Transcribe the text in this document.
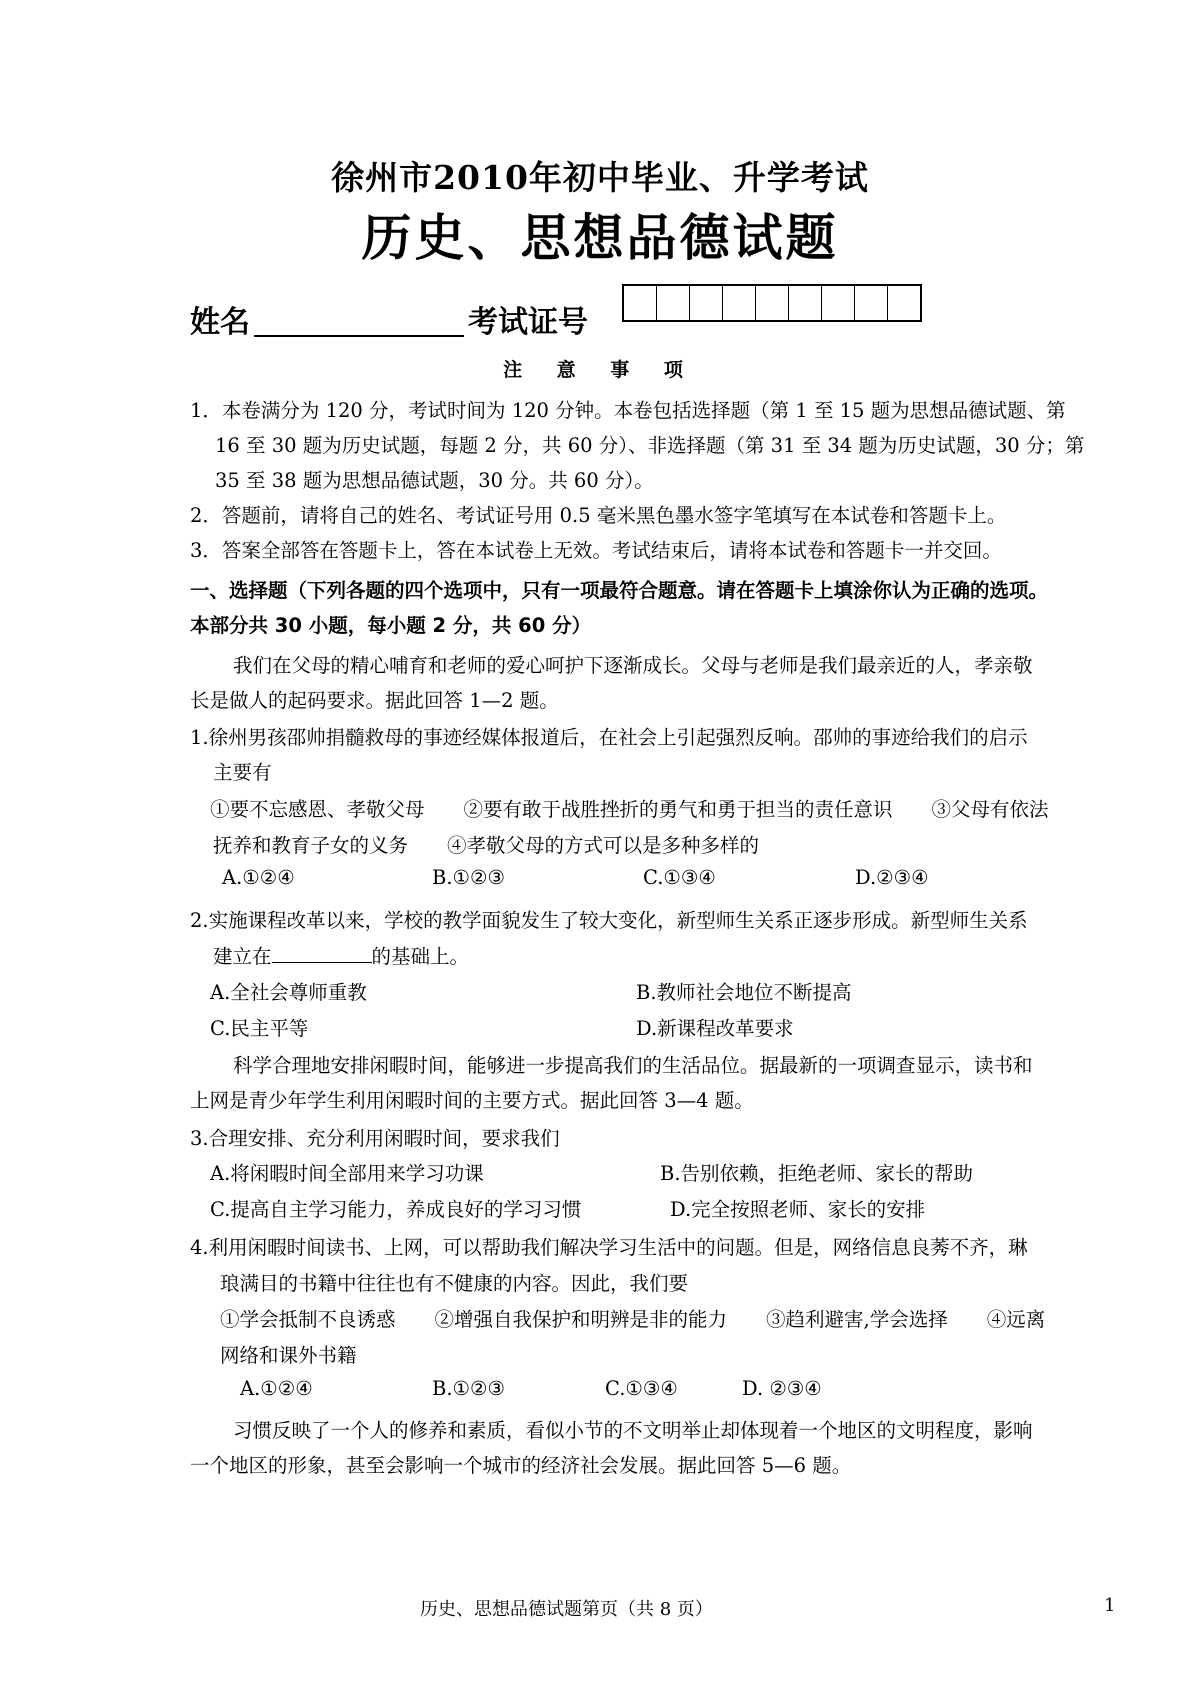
徐州市2010年初中毕业、升学考试
历史、思想品德试题
姓名	考试证号
注 意 事 项
1．本卷满分为 120 分，考试时间为 120 分钟。本卷包括选择题（第 1 至 15 题为思想品德试题、第
16 至 30 题为历史试题，每题 2 分，共 60 分）、非选择题（第 31 至 34 题为历史试题，30 分；第
35 至 38 题为思想品德试题，30 分。共 60 分）。
2．答题前，请将自己的姓名、考试证号用 0.5 毫米黑色墨水签字笔填写在本试卷和答题卡上。
3．答案全部答在答题卡上，答在本试卷上无效。考试结束后，请将本试卷和答题卡一并交回。
一、选择题（下列各题的四个选项中，只有一项最符合题意。请在答题卡上填涂你认为正确的选项。
本部分共 30 小题，每小题 2 分，共 60 分）
我们在父母的精心哺育和老师的爱心呵护下逐渐成长。父母与老师是我们最亲近的人，孝亲敬
长是做人的起码要求。据此回答 1—2 题。
1.徐州男孩邵帅捐髓救母的事迹经媒体报道后，在社会上引起强烈反响。邵帅的事迹给我们的启示
主要有
①要不忘感恩、孝敬父母　　②要有敢于战胜挫折的勇气和勇于担当的责任意识　　③父母有依法
抚养和教育子女的义务　　④孝敬父母的方式可以是多种多样的
A.①②④	B.①②③	C.①③④	D.②③④
2.实施课程改革以来，学校的教学面貌发生了较大变化，新型师生关系正逐步形成。新型师生关系
建立在	的基础上。
A.全社会尊师重教	B.教师社会地位不断提高
C.民主平等	D.新课程改革要求
科学合理地安排闲暇时间，能够进一步提高我们的生活品位。据最新的一项调查显示，读书和
上网是青少年学生利用闲暇时间的主要方式。据此回答 3—4 题。
3.合理安排、充分利用闲暇时间，要求我们
A.将闲暇时间全部用来学习功课	B.告别依赖，拒绝老师、家长的帮助
C.提高自主学习能力，养成良好的学习习惯	D.完全按照老师、家长的安排
4.利用闲暇时间读书、上网，可以帮助我们解决学习生活中的问题。但是，网络信息良莠不齐，琳
琅满目的书籍中往往也有不健康的内容。因此，我们要
①学会抵制不良诱惑　　②增强自我保护和明辨是非的能力　　③趋利避害,学会选择　　④远离
网络和课外书籍
A.①②④	B.①②③	C.①③④	D. ②③④
习惯反映了一个人的修养和素质，看似小节的不文明举止却体现着一个地区的文明程度，影响
一个地区的形象，甚至会影响一个城市的经济社会发展。据此回答 5—6 题。
历史、思想品德试题第页（共 8 页）	1
